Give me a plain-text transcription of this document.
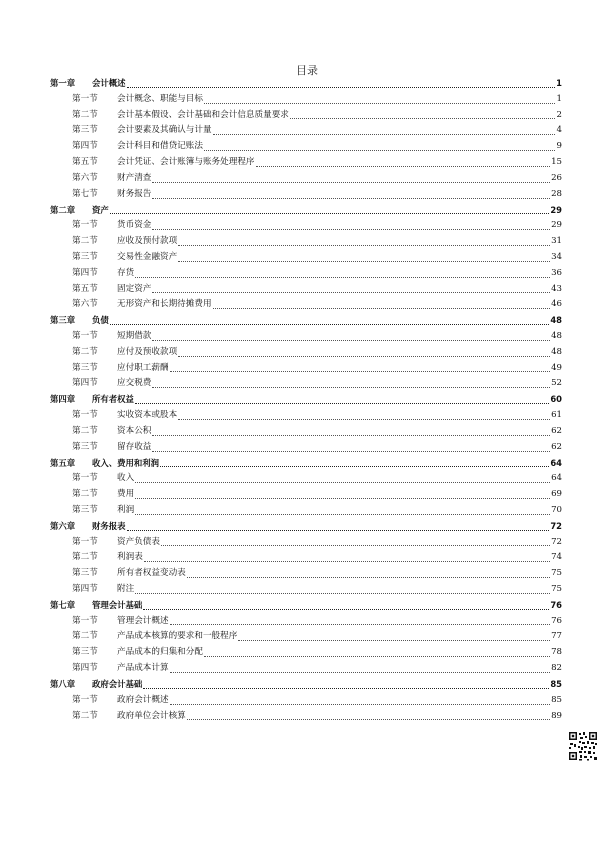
目录
第一章	会计概述	1
第一节	会计概念、职能与目标	1
第二节	会计基本假设、会计基础和会计信息质量要求	2
第三节	会计要素及其确认与计量	4
第四节	会计科目和借贷记账法	9
第五节	会计凭证、会计账簿与账务处理程序	15
第六节	财产清查	26
第七节	财务报告	28
第二章	资产	29
第一节	货币资金	29
第二节	应收及预付款项	31
第三节	交易性金融资产	34
第四节	存货	36
第五节	固定资产	43
第六节	无形资产和长期待摊费用	46
第三章	负债	48
第一节	短期借款	48
第二节	应付及预收款项	48
第三节	应付职工薪酬	49
第四节	应交税费	52
第四章	所有者权益	60
第一节	实收资本或股本	61
第二节	资本公积	62
第三节	留存收益	62
第五章	收入、费用和利润	64
第一节	收入	64
第二节	费用	69
第三节	利润	70
第六章	财务报表	72
第一节	资产负债表	72
第二节	利润表	74
第三节	所有者权益变动表	75
第四节	附注	75
第七章	管理会计基础	76
第一节	管理会计概述	76
第二节	产品成本核算的要求和一般程序	77
第三节	产品成本的归集和分配	78
第四节	产品成本计算	82
第八章	政府会计基础	85
第一节	政府会计概述	85
第二节	政府单位会计核算	89
